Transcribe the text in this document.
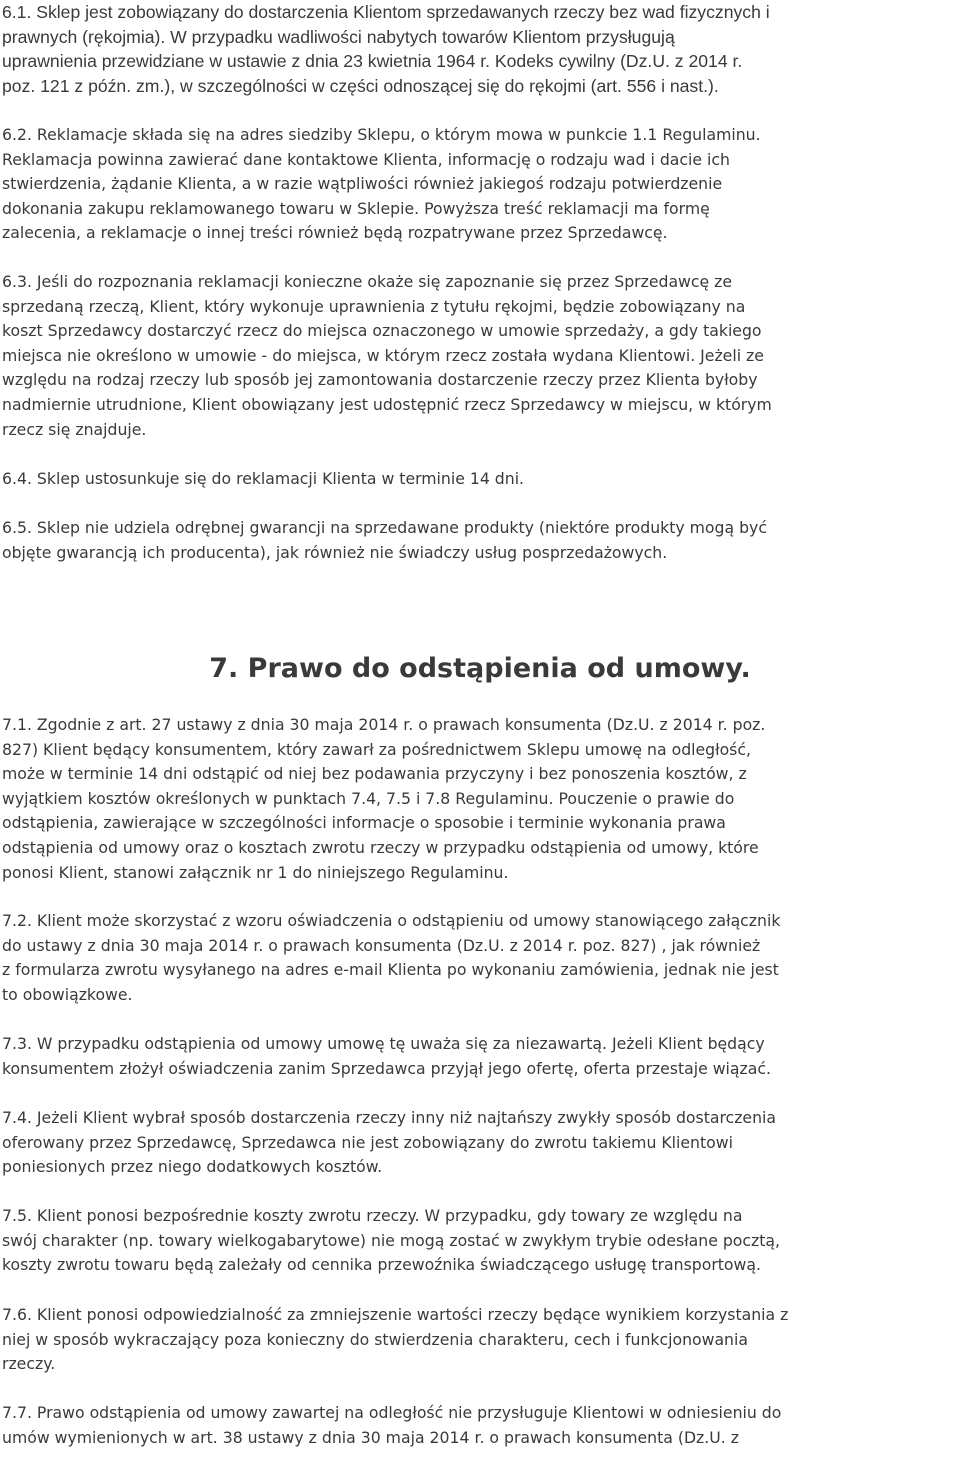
6.1. Sklep jest zobowiązany do dostarczenia Klientom sprzedawanych rzeczy bez wad fizycznych i
prawnych (rękojmia). W przypadku wadliwości nabytych towarów Klientom przysługują
uprawnienia przewidziane w ustawie z dnia 23 kwietnia 1964 r. Kodeks cywilny (Dz.U. z 2014 r.
poz. 121 z późn. zm.), w szczególności w części odnoszącej się do rękojmi (art. 556 i nast.).
6.2. Reklamacje składa się na adres siedziby Sklepu, o którym mowa w punkcie 1.1 Regulaminu.
Reklamacja powinna zawierać dane kontaktowe Klienta, informację o rodzaju wad i dacie ich
stwierdzenia, żądanie Klienta, a w razie wątpliwości również jakiegoś rodzaju potwierdzenie
dokonania zakupu reklamowanego towaru w Sklepie. Powyższa treść reklamacji ma formę
zalecenia, a reklamacje o innej treści również będą rozpatrywane przez Sprzedawcę.
6.3. Jeśli do rozpoznania reklamacji konieczne okaże się zapoznanie się przez Sprzedawcę ze
sprzedaną rzeczą, Klient, który wykonuje uprawnienia z tytułu rękojmi, będzie zobowiązany na
koszt Sprzedawcy dostarczyć rzecz do miejsca oznaczonego w umowie sprzedaży, a gdy takiego
miejsca nie określono w umowie - do miejsca, w którym rzecz została wydana Klientowi. Jeżeli ze
względu na rodzaj rzeczy lub sposób jej zamontowania dostarczenie rzeczy przez Klienta byłoby
nadmiernie utrudnione, Klient obowiązany jest udostępnić rzecz Sprzedawcy w miejscu, w którym
rzecz się znajduje.
6.4. Sklep ustosunkuje się do reklamacji Klienta w terminie 14 dni.
6.5. Sklep nie udziela odrębnej gwarancji na sprzedawane produkty (niektóre produkty mogą być
objęte gwarancją ich producenta), jak również nie świadczy usług posprzedażowych.
7. Prawo do odstąpienia od umowy.
7.1. Zgodnie z art. 27 ustawy z dnia 30 maja 2014 r. o prawach konsumenta (Dz.U. z 2014 r. poz.
827) Klient będący konsumentem, który zawarł za pośrednictwem Sklepu umowę na odległość,
może w terminie 14 dni odstąpić od niej bez podawania przyczyny i bez ponoszenia kosztów, z
wyjątkiem kosztów określonych w punktach 7.4, 7.5 i 7.8 Regulaminu. Pouczenie o prawie do
odstąpienia, zawierające w szczególności informacje o sposobie i terminie wykonania prawa
odstąpienia od umowy oraz o kosztach zwrotu rzeczy w przypadku odstąpienia od umowy, które
ponosi Klient, stanowi załącznik nr 1 do niniejszego Regulaminu.
7.2. Klient może skorzystać z wzoru oświadczenia o odstąpieniu od umowy stanowiącego załącznik
do ustawy z dnia 30 maja 2014 r. o prawach konsumenta (Dz.U. z 2014 r. poz. 827) , jak również
z formularza zwrotu wysyłanego na adres e-mail Klienta po wykonaniu zamówienia, jednak nie jest
to obowiązkowe.
7.3. W przypadku odstąpienia od umowy umowę tę uważa się za niezawartą. Jeżeli Klient będący
konsumentem złożył oświadczenia zanim Sprzedawca przyjął jego ofertę, oferta przestaje wiązać.
7.4. Jeżeli Klient wybrał sposób dostarczenia rzeczy inny niż najtańszy zwykły sposób dostarczenia
oferowany przez Sprzedawcę, Sprzedawca nie jest zobowiązany do zwrotu takiemu Klientowi
poniesionych przez niego dodatkowych kosztów.
7.5. Klient ponosi bezpośrednie koszty zwrotu rzeczy. W przypadku, gdy towary ze względu na
swój charakter (np. towary wielkogabarytowe) nie mogą zostać w zwykłym trybie odesłane pocztą,
koszty zwrotu towaru będą zależały od cennika przewoźnika świadczącego usługę transportową.
7.6. Klient ponosi odpowiedzialność za zmniejszenie wartości rzeczy będące wynikiem korzystania z
niej w sposób wykraczający poza konieczny do stwierdzenia charakteru, cech i funkcjonowania
rzeczy.
7.7. Prawo odstąpienia od umowy zawartej na odległość nie przysługuje Klientowi w odniesieniu do
umów wymienionych w art. 38 ustawy z dnia 30 maja 2014 r. o prawach konsumenta (Dz.U. z
